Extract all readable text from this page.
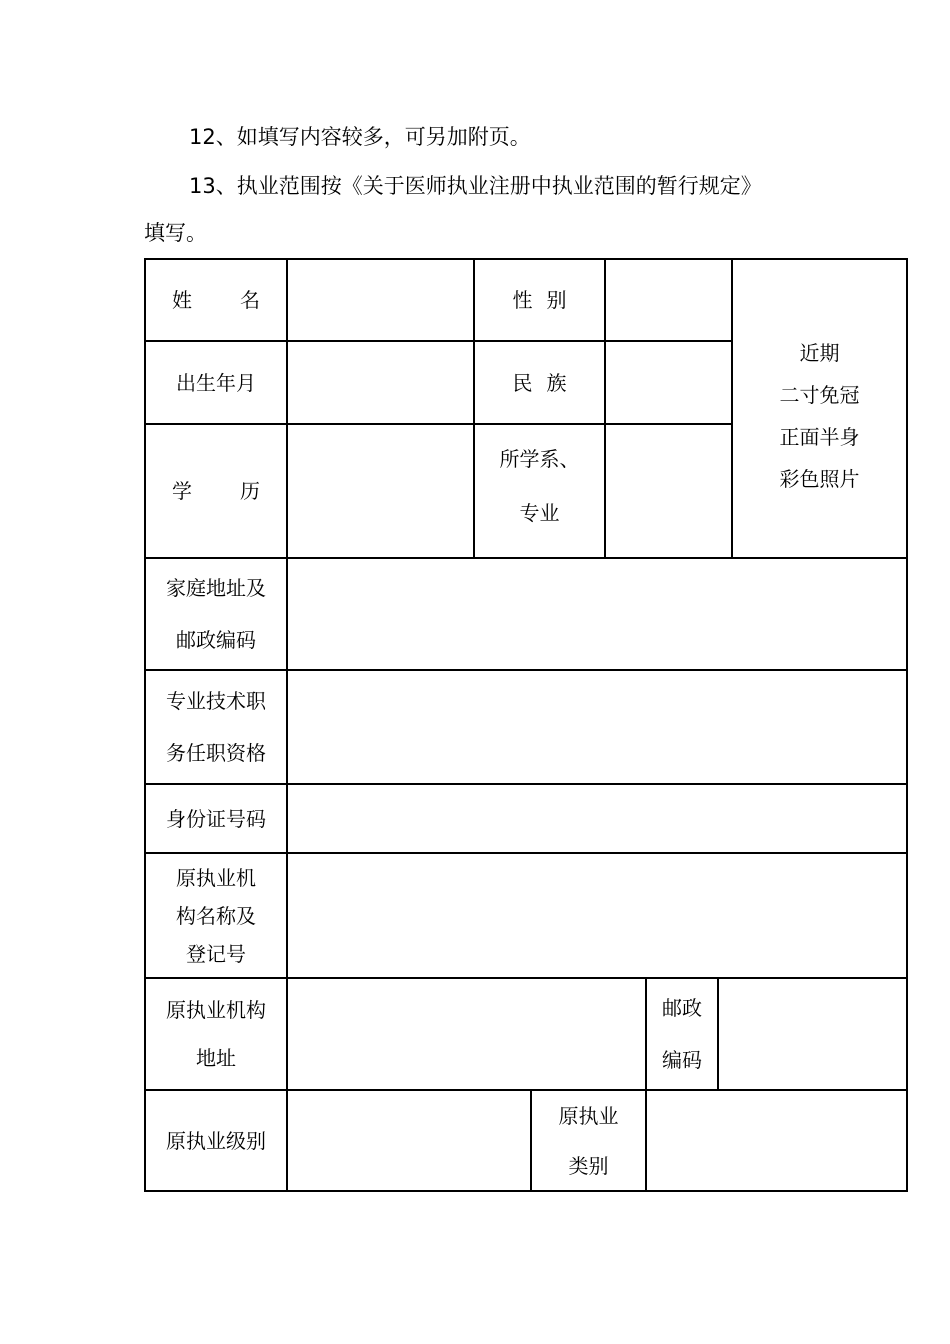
12、如填写内容较多，可另加附页。
13、执业范围按《关于医师执业注册中执业范围的暂行规定》
填写。
姓 名	性 别
近期
二寸免冠
正面半身
彩色照片
出生年月	民 族
学 历
所学系、
专业
家庭地址及
邮政编码
专业技术职
务任职资格
身份证号码
原执业机
构名称及
登记号
原执业机构
地址
邮政
编码
原执业级别
原执业
类别
